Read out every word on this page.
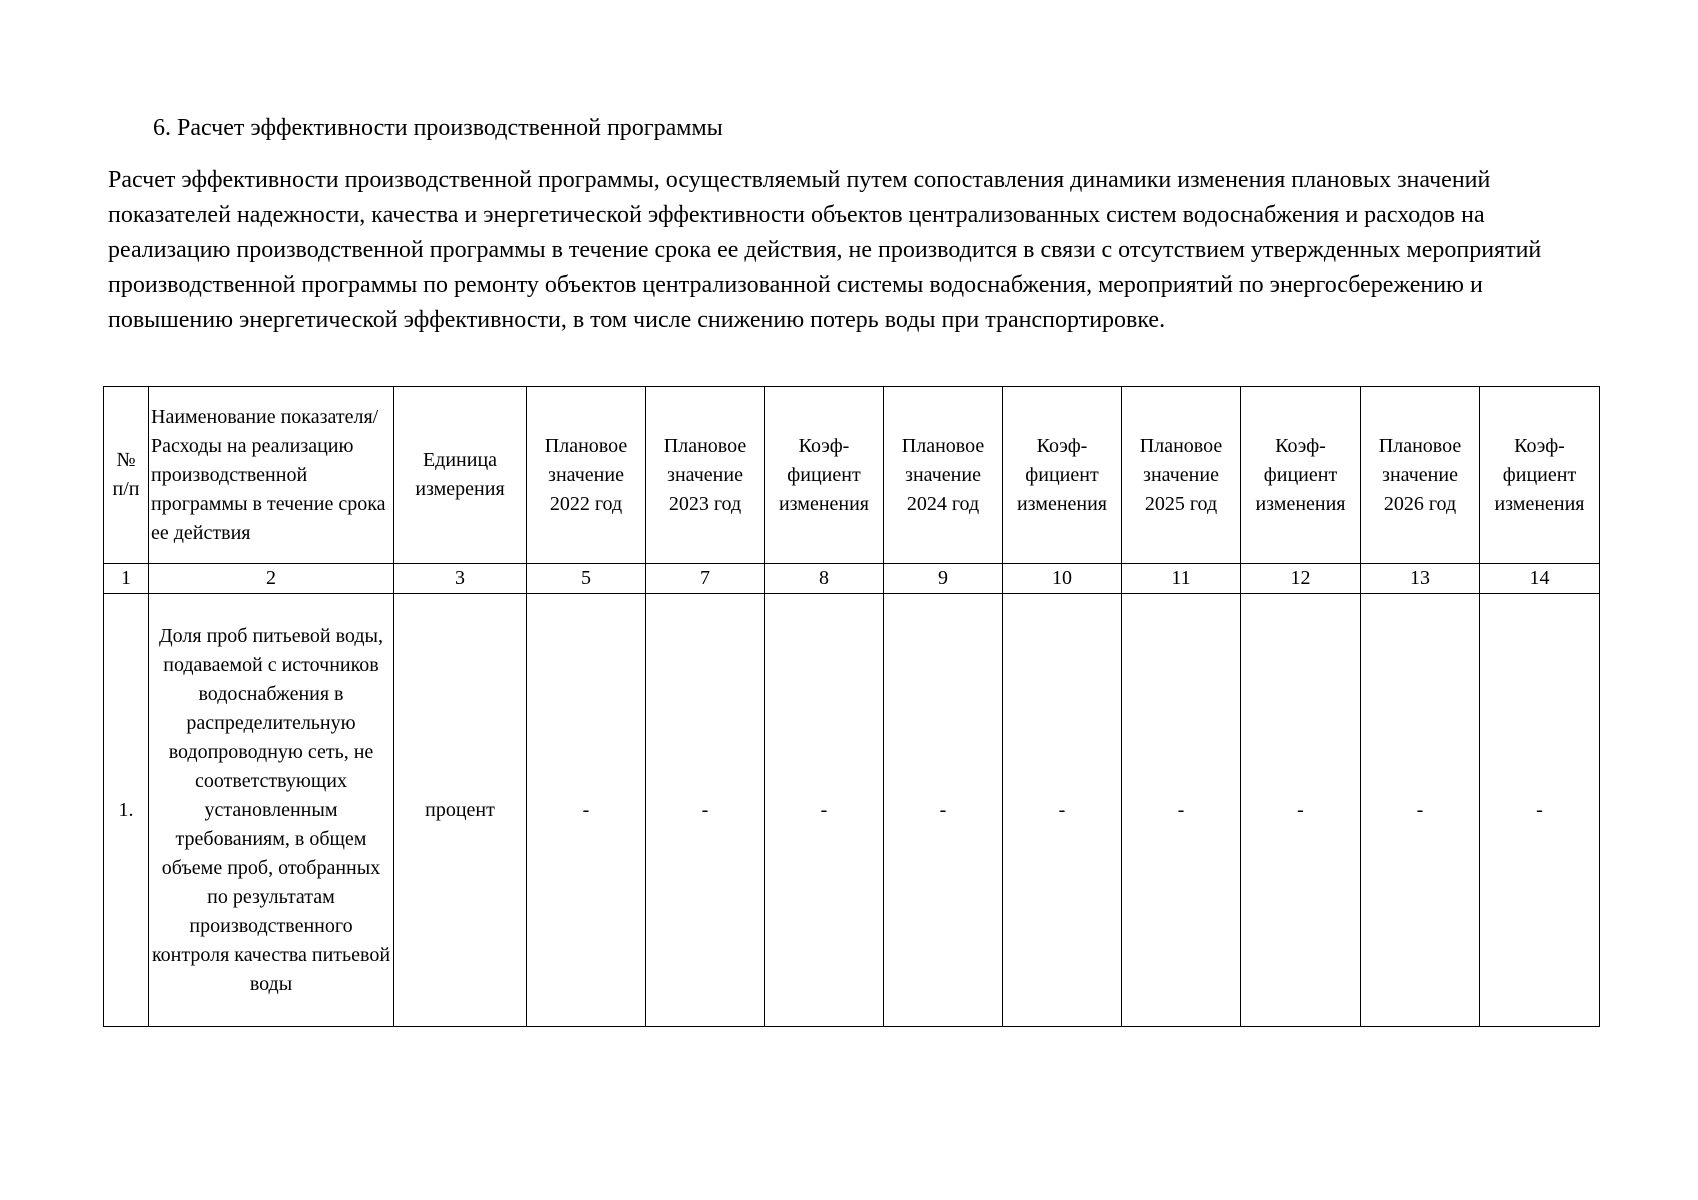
6. Расчет эффективности производственной программы
Расчет эффективности производственной программы, осуществляемый путем сопоставления динамики изменения плановых значений показателей надежности, качества и энергетической эффективности объектов централизованных систем водоснабжения и расходов на реализацию производственной программы в течение срока ее действия, не производится в связи с отсутствием утвержденных мероприятий производственной программы по ремонту объектов централизованной системы водоснабжения, мероприятий по энергосбережению и повышению энергетической эффективности, в том числе снижению потерь воды при транспортировке.
№ п/п	Наименование показателя/Расходы на реализацию производственной программы в течение срока ее действия	Единица измерения	Плановое значение 2022 год	Плановое значение 2023 год	Коэф-фициент изменения	Плановое значение 2024 год	Коэф-фициент изменения	Плановое значение 2025 год	Коэф-фициент изменения	Плановое значение 2026 год	Коэф-фициент изменения
1	2	3	5	7	8	9	10	11	12	13	14
1.	Доля проб питьевой воды, подаваемой с источников водоснабжения в распределительную водопроводную сеть, не соответствующих установленным требованиям, в общем объеме проб, отобранных по результатам производственного контроля качества питьевой воды	процент	-	-	-	-	-	-	-	-	-
